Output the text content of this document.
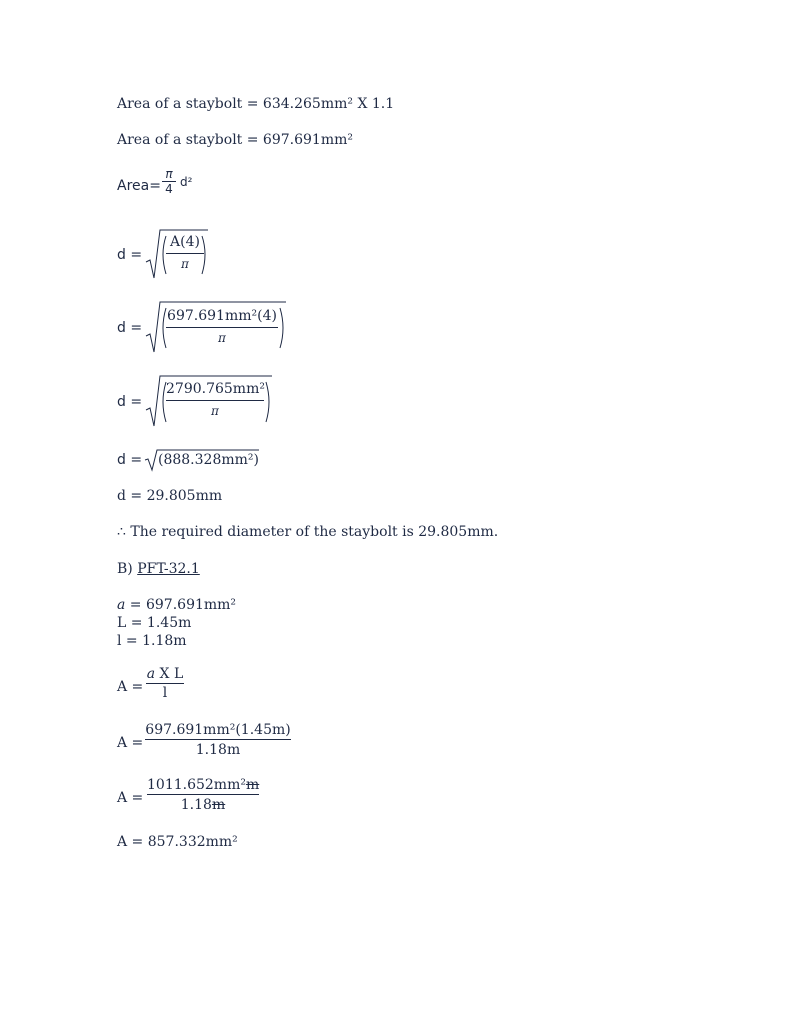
Area of a staybolt = 634.265mm² X 1.1
Area of a staybolt = 697.691mm²
Area=
π
4 d²
d =
A(4)
π
d =
697.691mm²(4)
π
d =
2790.765mm²
π
d = (888.328mm²)
d = 29.805mm
∴ The required diameter of the staybolt is 29.805mm.
B) PFT-32.1
a = 697.691mm²
L = 1.45m
l = 1.18m
A =
a X L
l
A =
697.691mm²(1.45m)
1.18m
A =
1011.652mm²m
1.18m
A = 857.332mm²
